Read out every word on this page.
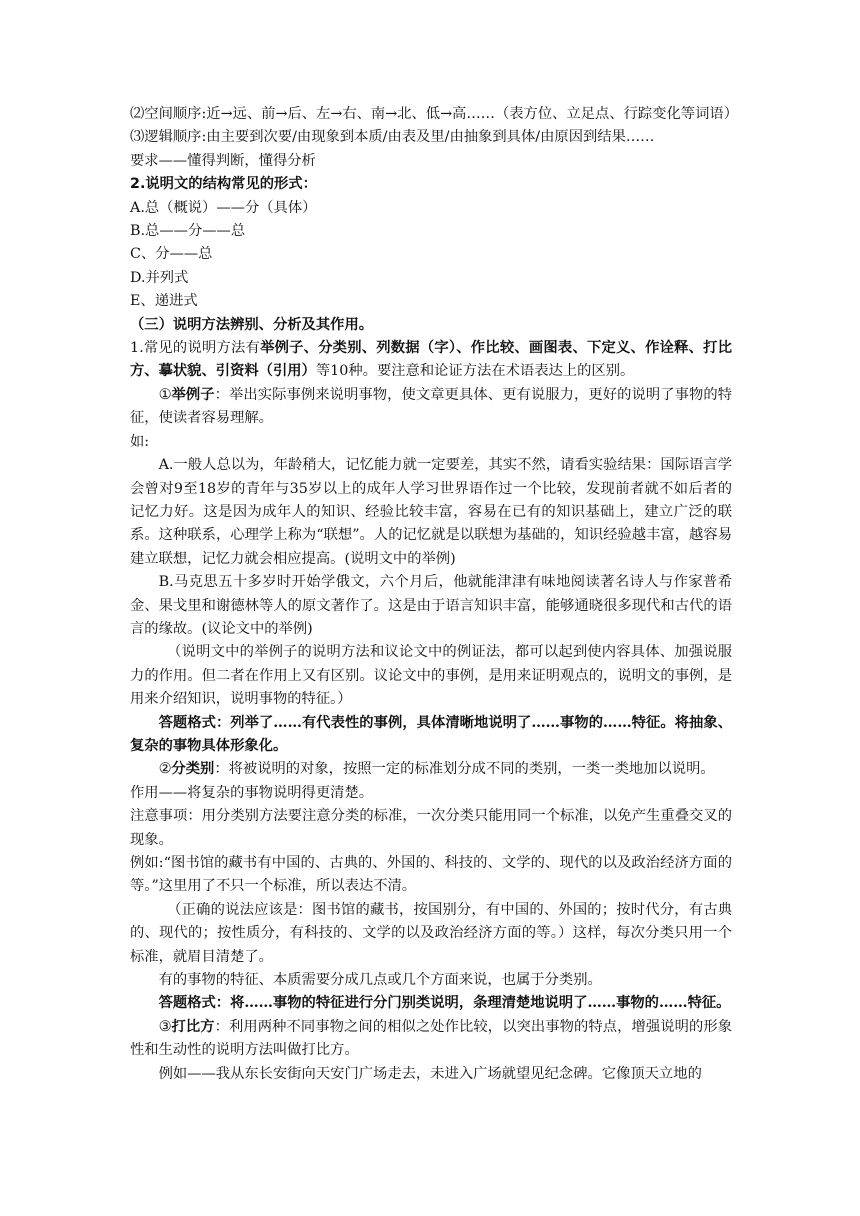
⑵空间顺序:近→远、前→后、左→右、南→北、低→高……（表方位、立足点、行踪变化等词语）

⑶逻辑顺序:由主要到次要/由现象到本质/由表及里/由抽象到具体/由原因到结果……

要求——懂得判断，懂得分析

2.说明文的结构常见的形式：

A.总（概说）——分（具体）

B.总——分——总

C、分——总

D.并列式

E、递进式

（三）说明方法辨别、分析及其作用。

1.常见的说明方法有举例子、分类别、列数据（字）、作比较、画图表、下定义、作诠释、打比方、摹状貌、引资料（引用）等10种。要注意和论证方法在术语表达上的区别。

①举例子：举出实际事例来说明事物，使文章更具体、更有说服力，更好的说明了事物的特征，使读者容易理解。

如:

A.一般人总以为，年龄稍大，记忆能力就一定要差，其实不然，请看实验结果：国际语言学会曾对9至18岁的青年与35岁以上的成年人学习世界语作过一个比较，发现前者就不如后者的记忆力好。这是因为成年人的知识、经验比较丰富，容易在已有的知识基础上，建立广泛的联系。这种联系，心理学上称为“联想”。人的记忆就是以联想为基础的，知识经验越丰富，越容易建立联想，记忆力就会相应提高。(说明文中的举例)

B.马克思五十多岁时开始学俄文，六个月后，他就能津津有味地阅读著名诗人与作家普希金、果戈里和谢德林等人的原文著作了。这是由于语言知识丰富，能够通晓很多现代和古代的语言的缘故。(议论文中的举例)

（说明文中的举例子的说明方法和议论文中的例证法，都可以起到使内容具体、加强说服力的作用。但二者在作用上又有区别。议论文中的事例，是用来证明观点的，说明文的事例，是用来介绍知识，说明事物的特征。）

答题格式：列举了……有代表性的事例，具体清晰地说明了……事物的……特征。将抽象、复杂的事物具体形象化。

②分类别：将被说明的对象，按照一定的标准划分成不同的类别，一类一类地加以说明。

作用——将复杂的事物说明得更清楚。

注意事项：用分类别方法要注意分类的标准，一次分类只能用同一个标准，以免产生重叠交叉的现象。

例如:“图书馆的藏书有中国的、古典的、外国的、科技的、文学的、现代的以及政治经济方面的等。”这里用了不只一个标准，所以表达不清。

（正确的说法应该是：图书馆的藏书，按国别分，有中国的、外国的；按时代分，有古典的、现代的；按性质分，有科技的、文学的以及政治经济方面的等。）这样，每次分类只用一个标准，就眉目清楚了。

有的事物的特征、本质需要分成几点或几个方面来说，也属于分类别。

答题格式：将……事物的特征进行分门别类说明，条理清楚地说明了……事物的……特征。

③打比方：利用两种不同事物之间的相似之处作比较，以突出事物的特点，增强说明的形象性和生动性的说明方法叫做打比方。

例如——我从东长安街向天安门广场走去，未进入广场就望见纪念碑。它像顶天立地的
